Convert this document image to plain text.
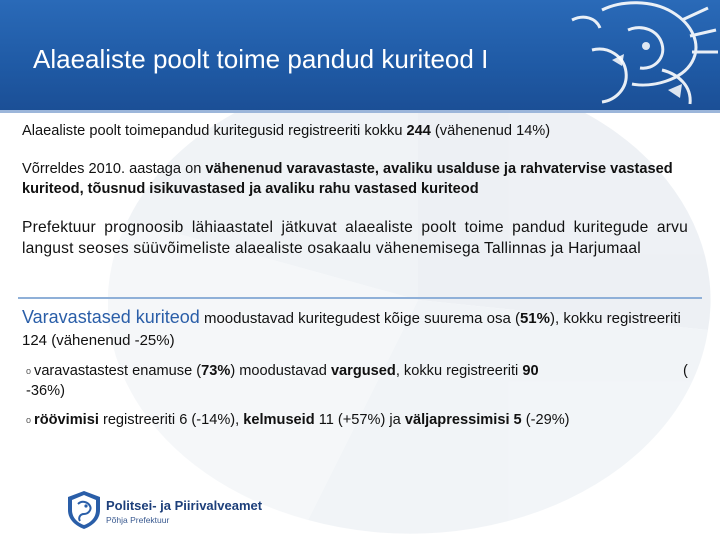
Alaealiste poolt toime pandud kuriteod I
Alaealiste poolt toimepandud kuritegusid registreeriti kokku 244 (vähenenud 14%)
Võrreldes 2010. aastaga on vähenenud varavastaste, avaliku usalduse ja rahvatervise vastased kuriteod, tõusnud isikuvastased ja avaliku rahu vastased kuriteod
Prefektuur prognoosib lähiaastatel jätkuvat alaealiste poolt toime pandud kuritegude arvu langust seoses süüvõimeliste alaealiste osakaalu vähenemisega Tallinnas ja Harjumaal
Varavastased kuriteod moodustavad kuritegudest kõige suurema osa (51%), kokku registreeriti 124 (vähenenud -25%)
o varavastastest enamuse (73%) moodustavad vargused, kokku registreeriti 90	(

-36%)
o röövimisi registreeriti 6 (-14%), kelmuseid 11 (+57%) ja väljapressimisi 5 (-29%)
Politsei- ja Piirivalveamet
Põhja Prefektuur
